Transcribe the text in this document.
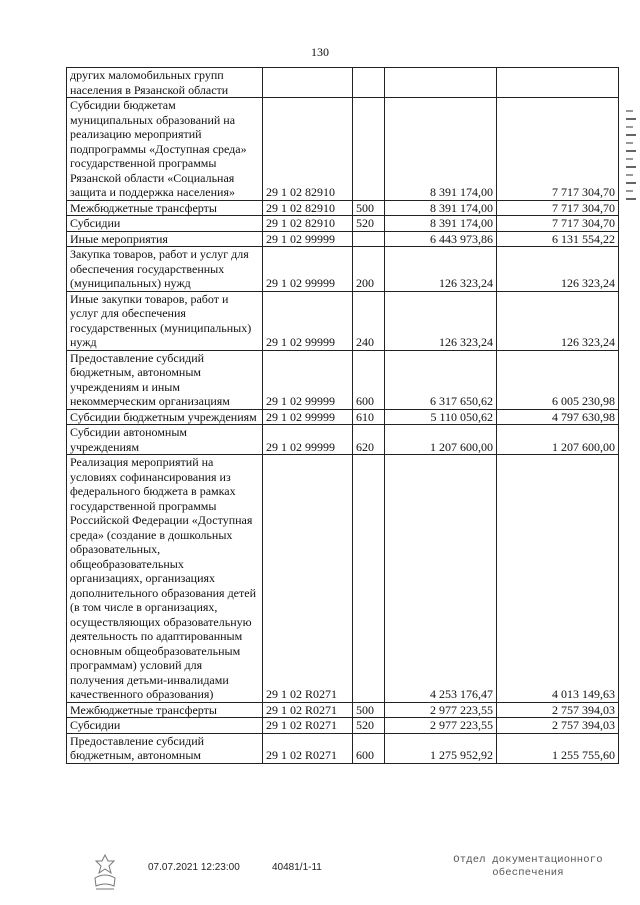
130
других маломобильных групп населения в Рязанской области				
Субсидии бюджетам муниципальных образований на реализацию мероприятий подпрограммы «Доступная среда» государственной программы Рязанской области «Социальная защита и поддержка населения»	29 1 02 82910		8 391 174,00	7 717 304,70
Межбюджетные трансферты	29 1 02 82910	500	8 391 174,00	7 717 304,70
Субсидии	29 1 02 82910	520	8 391 174,00	7 717 304,70
Иные мероприятия	29 1 02 99999		6 443 973,86	6 131 554,22
Закупка товаров, работ и услуг для обеспечения государственных (муниципальных) нужд	29 1 02 99999	200	126 323,24	126 323,24
Иные закупки товаров, работ и услуг для обеспечения государственных (муниципальных) нужд	29 1 02 99999	240	126 323,24	126 323,24
Предоставление субсидий бюджетным, автономным учреждениям и иным некоммерческим организациям	29 1 02 99999	600	6 317 650,62	6 005 230,98
Субсидии бюджетным учреждениям	29 1 02 99999	610	5 110 050,62	4 797 630,98
Субсидии автономным учреждениям	29 1 02 99999	620	1 207 600,00	1 207 600,00
Реализация мероприятий на условиях софинансирования из федерального бюджета в рамках государственной программы Российской Федерации «Доступная среда» (создание в дошкольных образовательных, общеобразовательных организациях, организациях дополнительного образования детей (в том числе в организациях, осуществляющих образовательную деятельность по адаптированным основным общеобразовательным программам) условий для получения детьми-инвалидами качественного образования)	29 1 02 R0271		4 253 176,47	4 013 149,63
Межбюджетные трансферты	29 1 02 R0271	500	2 977 223,55	2 757 394,03
Субсидии	29 1 02 R0271	520	2 977 223,55	2 757 394,03
Предоставление субсидий бюджетным, автономным	29 1 02 R0271	600	1 275 952,92	1 255 755,60
07.07.2021 12:23:00	40481/1-11
Отдел документационного
обеспечения
